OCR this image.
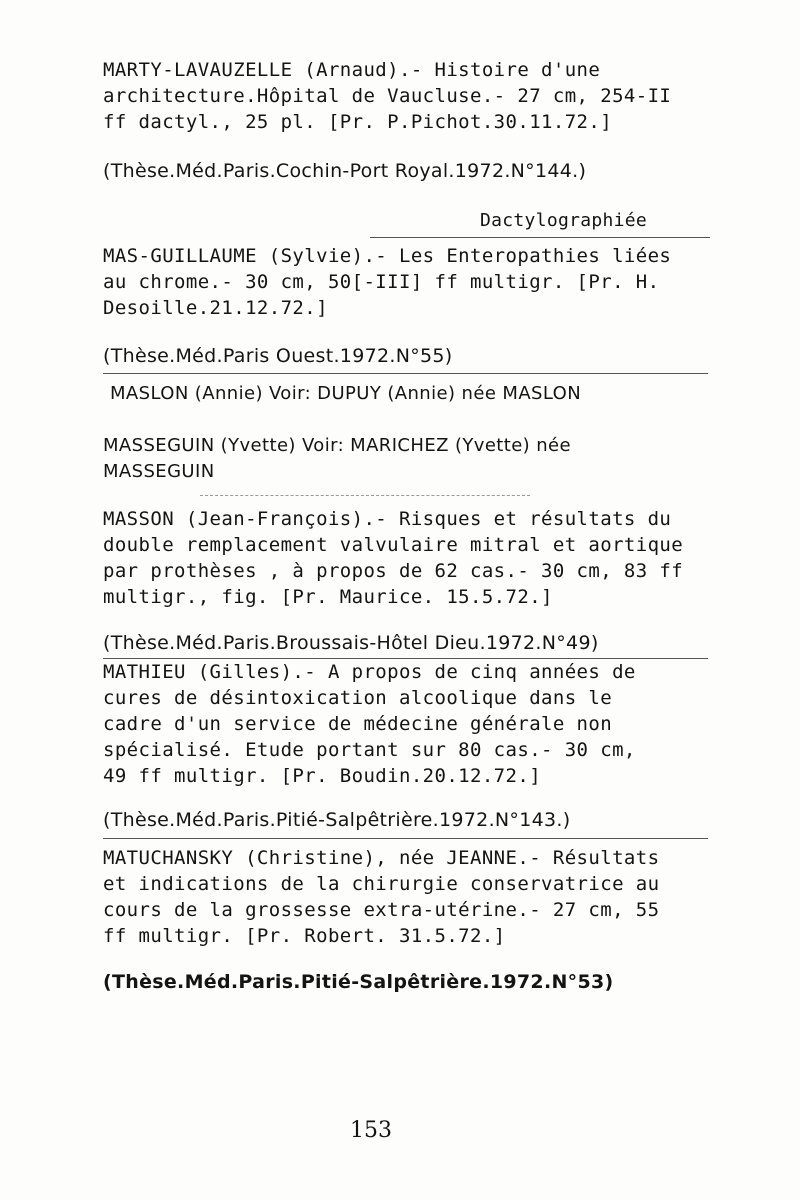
MARTY-LAVAUZELLE (Arnaud).- Histoire d'une

architecture.Hôpital de Vaucluse.- 27 cm, 254-II

ff dactyl., 25 pl. [Pr. P.Pichot.30.11.72.]

(Thèse.Méd.Paris.Cochin-Port Royal.1972.N°144.)
Dactylographiée

MAS-GUILLAUME (Sylvie).- Les Enteropathies liées

au chrome.- 30 cm, 50[-III] ff multigr. [Pr. H.

Desoille.21.12.72.]

(Thèse.Méd.Paris Ouest.1972.N°55)

MASLON (Annie) Voir: DUPUY (Annie) née MASLON

MASSEGUIN (Yvette) Voir: MARICHEZ (Yvette) née

MASSEGUIN

MASSON (Jean-François).- Risques et résultats du

double remplacement valvulaire mitral et aortique

par prothèses , à propos de 62 cas.- 30 cm, 83 ff

multigr., fig. [Pr. Maurice. 15.5.72.]

(Thèse.Méd.Paris.Broussais-Hôtel Dieu.1972.N°49)

MATHIEU (Gilles).- A propos de cinq années de

cures de désintoxication alcoolique dans le

cadre d'un service de médecine générale non

spécialisé. Etude portant sur 80 cas.- 30 cm,

49 ff multigr. [Pr. Boudin.20.12.72.]

(Thèse.Méd.Paris.Pitié-Salpêtrière.1972.N°143.)

MATUCHANSKY (Christine), née JEANNE.- Résultats

et indications de la chirurgie conservatrice au

cours de la grossesse extra-utérine.- 27 cm, 55

ff multigr. [Pr. Robert. 31.5.72.]

(Thèse.Méd.Paris.Pitié-Salpêtrière.1972.N°53)
153
